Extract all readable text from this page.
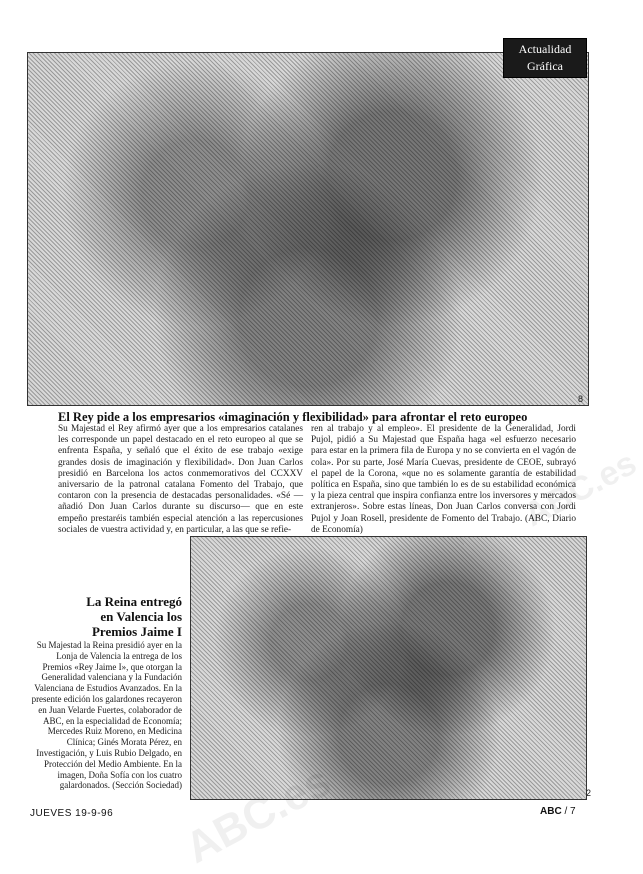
Actualidad
Gráfica
8
El Rey pide a los empresarios «imaginación y flexibilidad» para afrontar el reto europeo
Su Majestad el Rey afirmó ayer que a los empresarios catalanes les corresponde un papel destacado en el reto europeo al que se enfrenta España, y señaló que el éxito de ese trabajo «exige grandes dosis de imaginación y flexibilidad». Don Juan Carlos presidió en Barcelona los actos conmemorativos del CCXXV aniversario de la patronal catalana Fomento del Trabajo, que contaron con la presencia de destacadas personalidades. «Sé —añadió Don Juan Carlos durante su discurso— que en este empeño prestaréis también especial atención a las repercusiones sociales de vuestra actividad y, en particular, a las que se refie-
ren al trabajo y al empleo». El presidente de la Generalidad, Jordi Pujol, pidió a Su Majestad que España haga «el esfuerzo necesario para estar en la primera fila de Europa y no se convierta en el vagón de cola». Por su parte, José María Cuevas, presidente de CEOE, subrayó el papel de la Corona, «que no es solamente garantía de estabilidad política en España, sino que también lo es de su estabilidad económica y la pieza central que inspira confianza entre los inversores y mercados extranjeros». Sobre estas líneas, Don Juan Carlos conversa con Jordi Pujol y Joan Rosell, presidente de Fomento del Trabajo. (ABC, Diario de Economía)
2
La Reina entregó
en Valencia los
Premios Jaime I
Su Majestad la Reina presidió ayer en la Lonja de Valencia la entrega de los Premios «Rey Jaime I», que otorgan la Generalidad valenciana y la Fundación Valenciana de Estudios Avanzados. En la presente edición los galardones recayeron en Juan Velarde Fuertes, colaborador de ABC, en la especialidad de Economía; Mercedes Ruiz Moreno, en Medicina Clínica; Ginés Morata Pérez, en Investigación, y Luis Rubio Delgado, en Protección del Medio Ambiente. En la imagen, Doña Sofía con los cuatro galardonados. (Sección Sociedad)
JUEVES 19-9-96	ABC / 7
ABC.es
ABC.es
